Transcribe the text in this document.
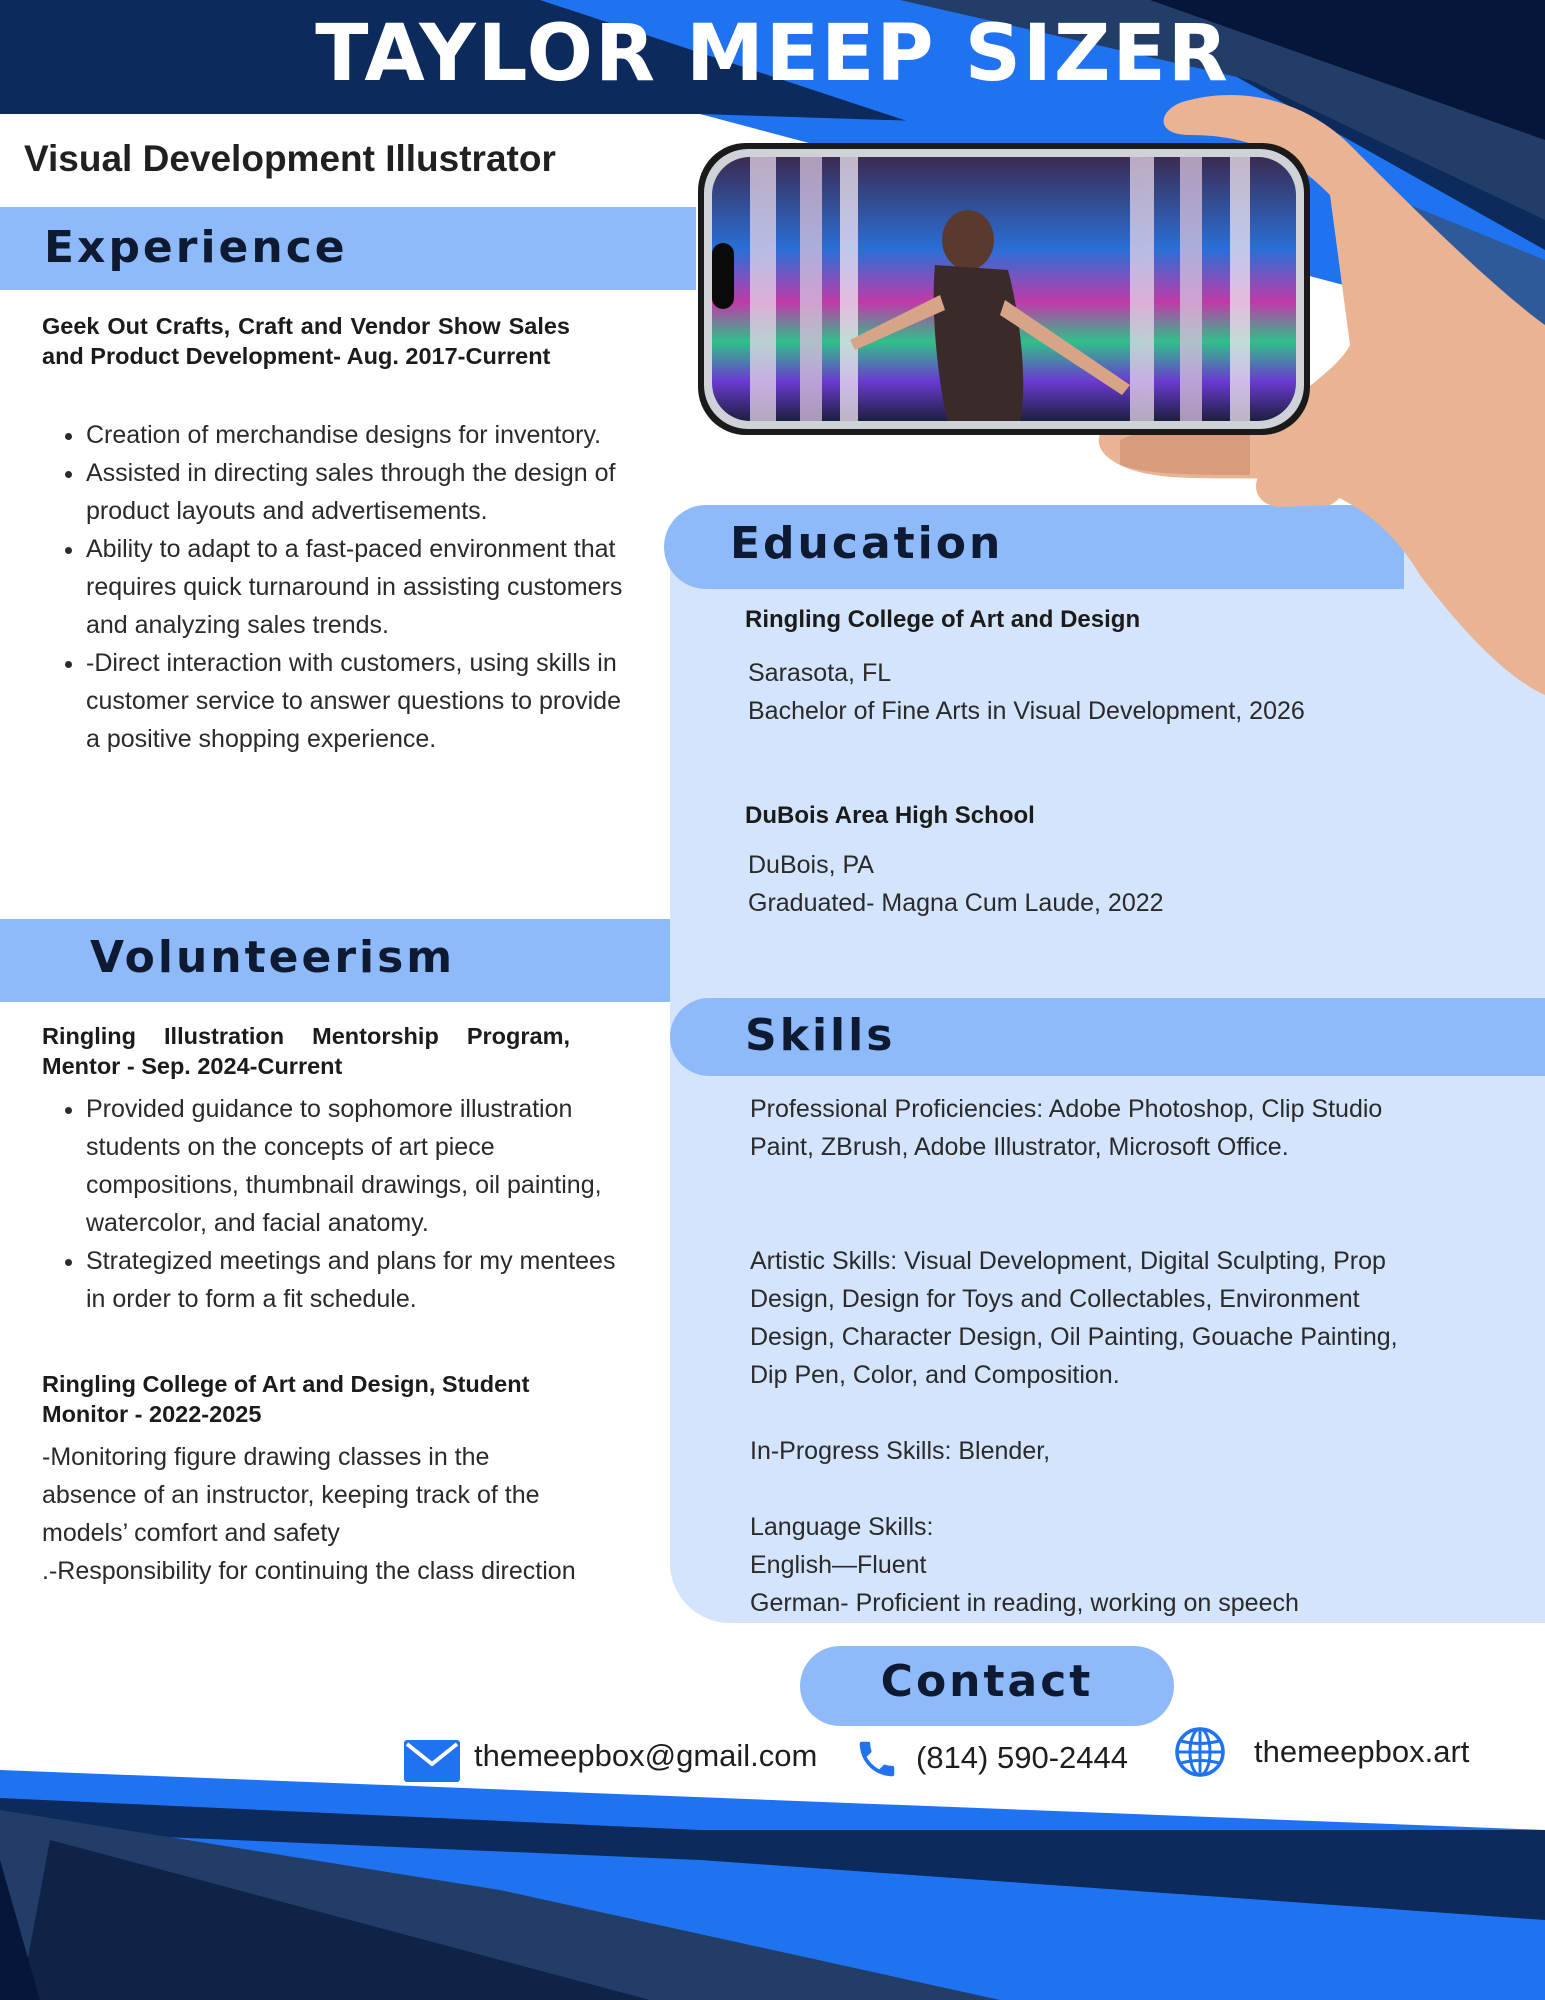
TAYLOR MEEP SIZER
Visual Development Illustrator
Education

Ringling College of Art and Design

Sarasota, FL

Bachelor of Fine Arts in Visual Development, 2026

DuBois Area High School

DuBois, PA

Graduated- Magna Cum Laude, 2022

Skills

Professional Proficiencies: Adobe Photoshop, Clip Studio Paint, ZBrush, Adobe Illustrator, Microsoft Office.

Artistic Skills: Visual Development, Digital Sculpting, Prop Design, Design for Toys and Collectables, Environment Design, Character Design, Oil Painting, Gouache Painting, Dip Pen, Color, and Composition.

In-Progress Skills: Blender,

Language Skills:

English—Fluent

German- Proficient in reading, working on speech

Experience

Geek Out Crafts, Craft and Vendor Show Sales and Product Development- Aug. 2017-Current

• Creation of merchandise designs for inventory.
• Assisted in directing sales through the design of product layouts and advertisements.
• Ability to adapt to a fast-paced environment that requires quick turnaround in assisting customers and analyzing sales trends.
• -Direct interaction with customers, using skills in customer service to answer questions to provide a positive shopping experience.
Volunteerism

Ringling Illustration Mentorship Program, Mentor - Sep. 2024-Current

• Provided guidance to sophomore illustration students on the concepts of art piece compositions, thumbnail drawings, oil painting, watercolor, and facial anatomy.
• Strategized meetings and plans for my mentees in order to form a fit schedule.

Ringling College of Art and Design, Student Monitor - 2022-2025

-Monitoring figure drawing classes in the absence of an instructor, keeping track of the models’ comfort and safety

.-Responsibility for continuing the class direction

Contact
themeepbox@gmail.com	(814) 590-2444	themeepbox.art
